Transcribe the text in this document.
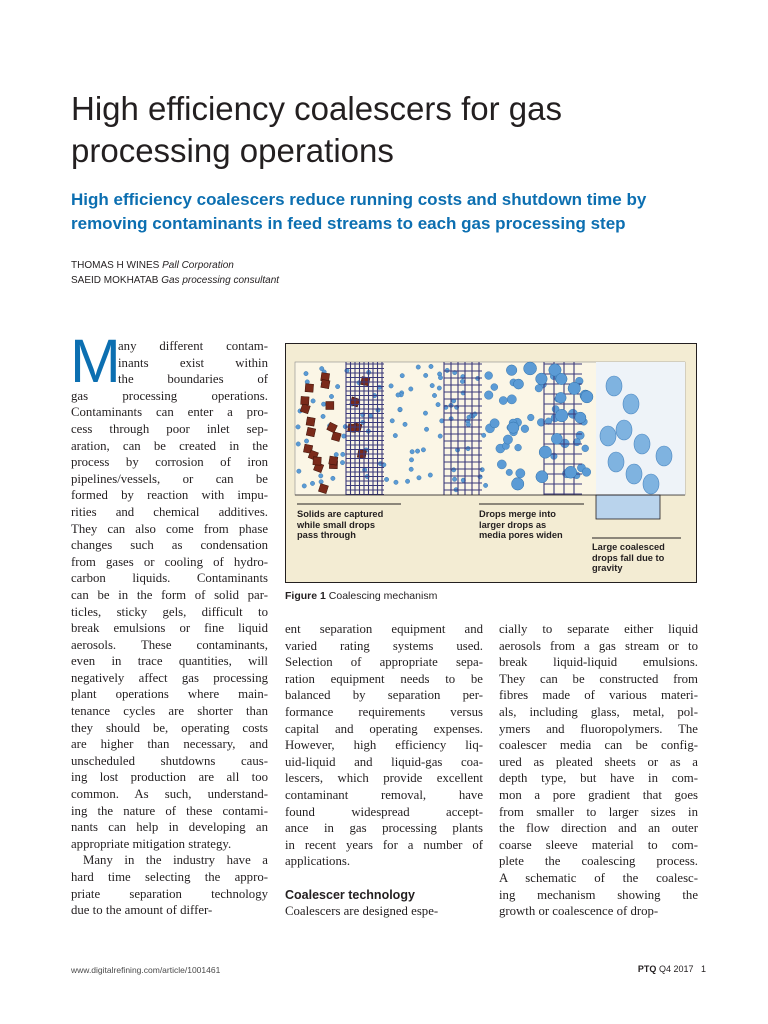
High efficiency coalescers for gas
processing operations
High efficiency coalescers reduce running costs and shutdown time by
removing contaminants in feed streams to each gas processing step
THOMAS H WINES Pall Corporation
SAEID MOKHATAB Gas processing consultant
M
any different contam-
inants exist within
the boundaries of
gas processing operations.
Contaminants can enter a pro-
cess through poor inlet sep-
aration, can be created in the
process by corrosion of iron
pipelines/vessels, or can be
formed by reaction with impu-
rities and chemical additives.
They can also come from phase
changes such as condensation
from gases or cooling of hydro-
carbon liquids. Contaminants
can be in the form of solid par-
ticles, sticky gels, difficult to
break emulsions or fine liquid
aerosols. These contaminants,
even in trace quantities, will
negatively affect gas processing
plant operations where main-
tenance cycles are shorter than
they should be, operating costs
are higher than necessary, and
unscheduled shutdowns caus-
ing lost production are all too
common. As such, understand-
ing the nature of these contami-
nants can help in developing an
appropriate mitigation strategy.
Many in the industry have a
hard time selecting the appro-
priate separation technology
due to the amount of differ-
Solids are captured
while small drops
pass through
Drops merge into
larger drops as
media pores widen
Large coalesced
drops fall due to
gravity
Figure 1 Coalescing mechanism
ent separation equipment and
varied rating systems used.
Selection of appropriate sepa-
ration equipment needs to be
balanced by separation per-
formance requirements versus
capital and operating expenses.
However, high efficiency liq-
uid-liquid and liquid-gas coa-
lescers, which provide excellent
contaminant removal, have
found widespread accept-
ance in gas processing plants
in recent years for a number of
applications.
Coalescer technology
Coalescers are designed espe-
cially to separate either liquid
aerosols from a gas stream or to
break liquid-liquid emulsions.
They can be constructed from
fibres made of various materi-
als, including glass, metal, pol-
ymers and fluoropolymers. The
coalescer media can be config-
ured as pleated sheets or as a
depth type, but have in com-
mon a pore gradient that goes
from smaller to larger sizes in
the flow direction and an outer
coarse sleeve material to com-
plete the coalescing process.
A schematic of the coalesc-
ing mechanism showing the
growth or coalescence of drop-
www.digitalrefining.com/article/1001461	PTQ Q4 2017 1
